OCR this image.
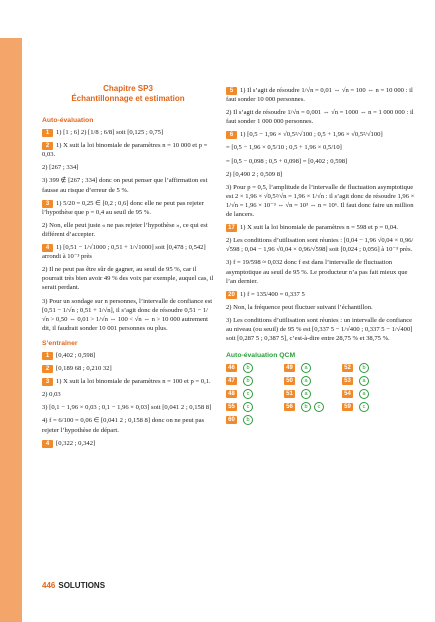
Chapitre SP3
Échantillonnage et estimation
Auto-évaluation
1 1) [1 ; 6] 2) [1/8 ; 6/8] soit [0,125 ; 0,75]
2 1) X suit la loi binomiale de paramètres n = 10 000 et p = 0,03.
2) [267 ; 334]
3) 399 ∉ [267 ; 334] donc on peut penser que l’affirmation est fausse au risque d’erreur de 5 %.
3 1) 5/20 = 0,25 ∈ [0,2 ; 0,6] donc elle ne peut pas rejeter l’hypothèse que p = 0,4 au seuil de 95 %.
2) Non, elle peut juste « ne pas rejeter l’hypothèse », ce qui est différent d’accepter.
4 1) [0,51 − 1/√1000 ; 0,51 + 1/√1000] soit [0,478 ; 0,542] arrondi à 10⁻³ près
2) Il ne peut pas être sûr de gagner, au seuil de 95 %, car il pourrait très bien avoir 49 % des voix par exemple, auquel cas, il serait perdant.
3) Pour un sondage sur n personnes, l’intervalle de confiance est [0,51 − 1/√n ; 0,51 + 1/√n], il s’agit donc de résoudre 0,51 − 1/√n > 0,50 ⇔ 0,01 > 1/√n ⇔ 100 < √n ⇔ n > 10 000 autrement dit, il faudrait sonder 10 001 personnes ou plus.
S’entraîner
1 [0,402 ; 0,598]
2 [0,189 68 ; 0,210 32]
3 1) X suit la loi binomiale de paramètres n = 100 et p = 0,1.
2) 0,03
3) [0,1 − 1,96 × 0,03 ; 0,1 − 1,96 × 0,03] soit [0,041 2 ; 0,158 8]
4) f = 6/100 = 0,06 ∈ [0,041 2 ; 0,158 8] donc on ne peut pas rejeter l’hypothèse de départ.
4 [0,322 ; 0,342]
5 1) Il s’agit de résoudre 1/√n = 0,01 ⇔ √n = 100 ⇔ n = 10 000 : il faut sonder 10 000 personnes.
2) Il s’agit de résoudre 1/√n = 0,001 ⇔ √n = 1000 ⇔ n = 1 000 000 : il faut sonder 1 000 000 personnes.
6 1) [0,5 − 1,96 × √0,5²/√100 ; 0,5 + 1,96 × √0,5²/√100]
= [0,5 − 1,96 × 0,5/10 ; 0,5 + 1,96 × 0,5/10]
= [0,5 − 0,098 ; 0,5 + 0,098] = [0,402 ; 0,598]
2) [0,490 2 ; 0,509 8]
3) Pour p = 0,5, l’amplitude de l’intervalle de fluctuation asymptotique est 2 × 1,96 × √0,5²/√n = 1,96 × 1/√n : il s’agit donc de résoudre 1,96 × 1/√n = 1,96 × 10⁻³ ⇔ √n = 10³ ⇔ n = 10⁶. Il faut donc faire un million de lancers.
17 1) X suit la loi binomiale de paramètres n = 598 et p = 0,04.
2) Les conditions d’utilisation sont réunies : [0,04 − 1,96 √0,04 × 0,96/√598 ; 0,04 − 1,96 √0,04 × 0,96/√598] soit [0,024 ; 0,056] à 10⁻³ près.
3) f = 19/598 ≈ 0,032 donc f est dans l’intervalle de fluctuation asymptotique au seuil de 95 %. Le producteur n’a pas fait mieux que l’an dernier.
20 1) f = 135/400 = 0,337 5
2) Non, la fréquence peut fluctuer suivant l’échantillon.
3) Les conditions d’utilisation sont réunies : un intervalle de confiance au niveau (ou seuil) de 95 % est [0,337 5 − 1/√400 ; 0,337 5 − 1/√400] soit [0,287 5 ; 0,387 5], c’est-à-dire entre 28,75 % et 38,75 %.
Auto-évaluation QCM
46	b	49	a	52	b
47	b	50	a	53	a
48	c	51	a	54	a
55	c	56	b	c	59	c
60	b
446 SOLUTIONS
